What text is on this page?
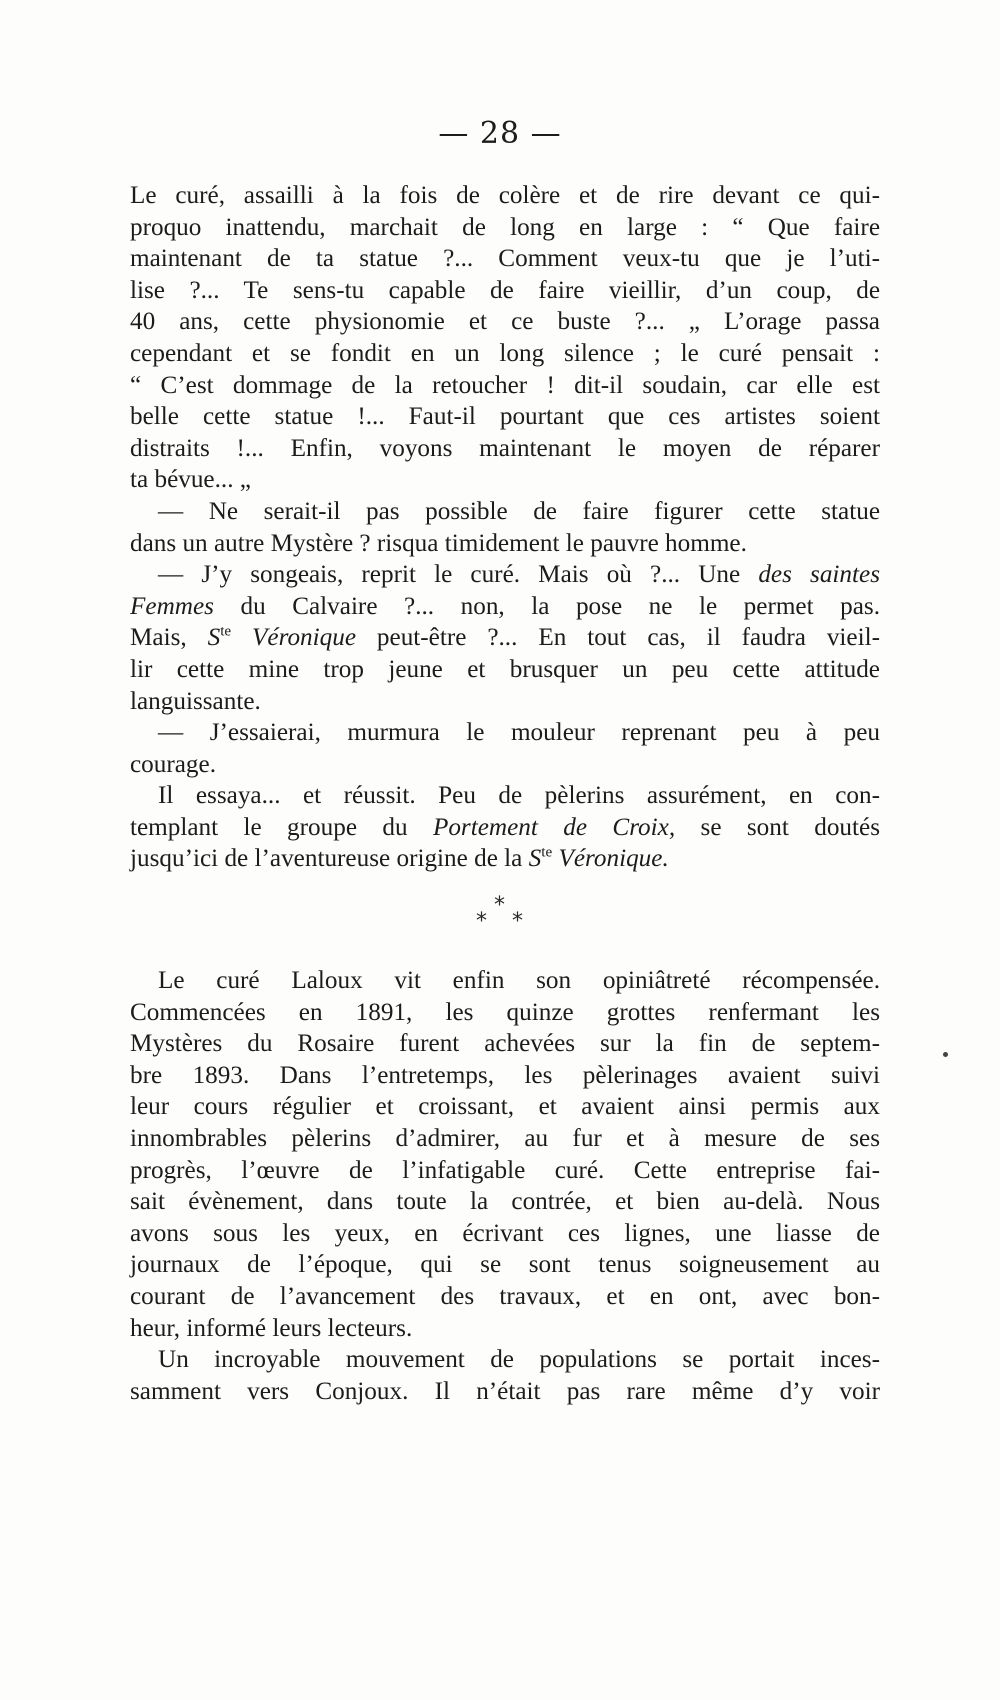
— 28 —

Le curé, assailli à la fois de colère et de rire devant ce qui-

proquo inattendu, marchait de long en large : “ Que faire

maintenant de ta statue ?... Comment veux-tu que je l’uti-

lise ?... Te sens-tu capable de faire vieillir, d’un coup, de

40 ans, cette physionomie et ce buste ?... „ L’orage passa

cependant et se fondit en un long silence ; le curé pensait :

“ C’est dommage de la retoucher ! dit-il soudain, car elle est

belle cette statue !... Faut-il pourtant que ces artistes soient

distraits !... Enfin, voyons maintenant le moyen de réparer

ta bévue... „

— Ne serait-il pas possible de faire figurer cette statue

dans un autre Mystère ? risqua timidement le pauvre homme.

— J’y songeais, reprit le curé. Mais où ?... Une des saintes

Femmes du Calvaire ?... non, la pose ne le permet pas.

Mais, $S^{te}$ Véronique peut-être ?... En tout cas, il faudra vieil-

lir cette mine trop jeune et brusquer un peu cette attitude

languissante.

— J’essaierai, murmura le mouleur reprenant peu à peu

courage.

Il essaya... et réussit. Peu de pèlerins assurément, en con-

templant le groupe du Portement de Croix, se sont doutés

jusqu’ici de l’aventureuse origine de la $S^{te}$ Véronique.

*
* *

Le curé Laloux vit enfin son opiniâtreté récompensée.

Commencées en 1891, les quinze grottes renfermant les

Mystères du Rosaire furent achevées sur la fin de septem-

bre 1893. Dans l’entretemps, les pèlerinages avaient suivi

leur cours régulier et croissant, et avaient ainsi permis aux

innombrables pèlerins d’admirer, au fur et à mesure de ses

progrès, l’œuvre de l’infatigable curé. Cette entreprise fai-

sait évènement, dans toute la contrée, et bien au-delà. Nous

avons sous les yeux, en écrivant ces lignes, une liasse de

journaux de l’époque, qui se sont tenus soigneusement au

courant de l’avancement des travaux, et en ont, avec bon-

heur, informé leurs lecteurs.

Un incroyable mouvement de populations se portait inces-

samment vers Conjoux. Il n’était pas rare même d’y voir
